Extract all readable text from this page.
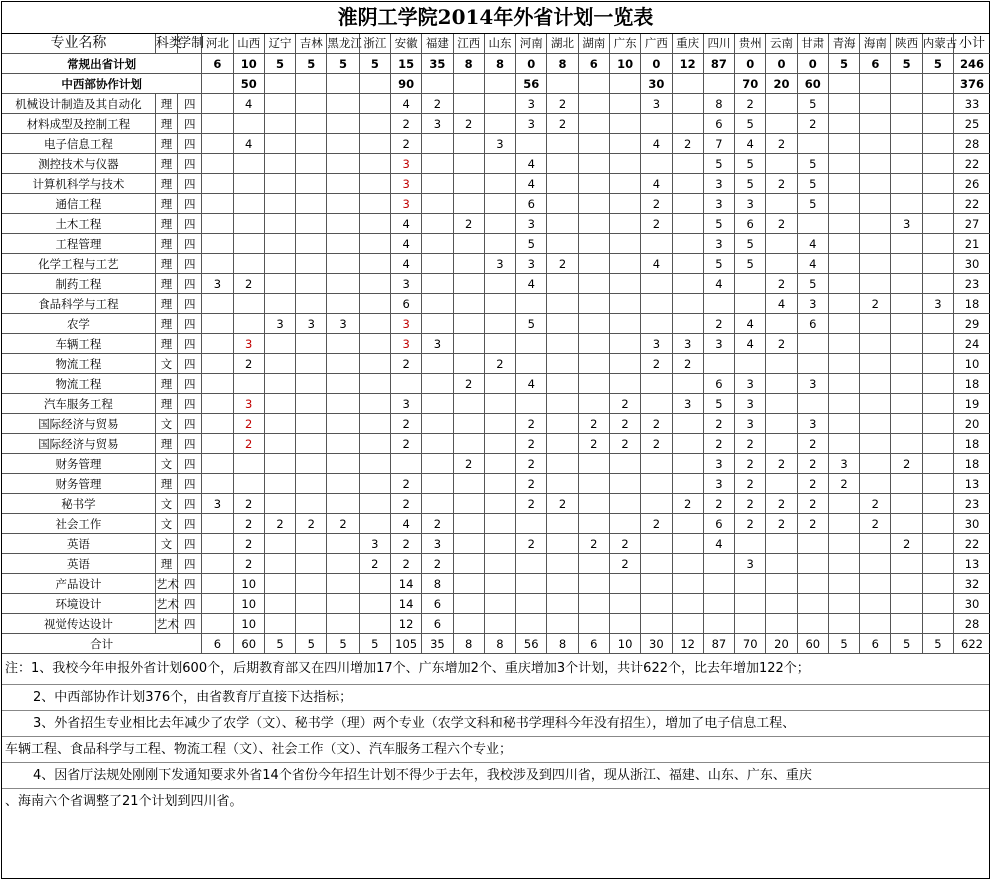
淮阴工学院2014年外省计划一览表
专业名称	科类	学制	河北	山西	辽宁	吉林	黑龙江	浙江	安徽	福建	江西	山东	河南	湖北	湖南	广东	广西	重庆	四川	贵州	云南	甘肃	青海	海南	陕西	内蒙古	小计
常规出省计划			6	10	5	5	5	5	15	35	8	8	0	8	6	10	0	12	87	0	0	0	5	6	5	5	246
中西部协作计划				50					90				56				30			70	20	60					376
机械设计制造及其自动化	理	四		4					4	2			3	2			3		8	2		5					33
材料成型及控制工程	理	四							2	3	2		3	2					6	5		2					25
电子信息工程	理	四		4					2			3					4	2	7	4	2						28
测控技术与仪器	理	四							3				4						5	5		5					22
计算机科学与技术	理	四							3				4				4		3	5	2	5					26
通信工程	理	四							3				6				2		3	3		5					22
土木工程	理	四							4		2		3				2		5	6	2				3		27
工程管理	理	四							4				5						3	5		4					21
化学工程与工艺	理	四							4			3	3	2			4		5	5		4					30
制药工程	理	四	3	2					3				4						4		2	5					23
食品科学与工程	理	四							6												4	3		2		3	18
农学	理	四			3	3	3		3				5						2	4		6					29
车辆工程	理	四		3					3	3							3	3	3	4	2						24
物流工程	文	四		2					2			2					2	2									10
物流工程	理	四									2		4						6	3		3					18
汽车服务工程	理	四		3					3							2		3	5	3							19
国际经济与贸易	文	四		2					2				2		2	2	2		2	3		3					20
国际经济与贸易	理	四		2					2				2		2	2	2		2	2		2					18
财务管理	文	四									2		2						3	2	2	2	3		2		18
财务管理	理	四							2				2						3	2		2	2				13
秘书学	文	四	3	2					2				2	2				2	2	2	2	2		2			23
社会工作	文	四		2	2	2	2		4	2							2		6	2	2	2		2			30
英语	文	四		2				3	2	3			2		2	2			4						2		22
英语	理	四		2				2	2	2						2				3							13
产品设计	艺术	四		10					14	8																	32
环境设计	艺术	四		10					14	6																	30
视觉传达设计	艺术	四		10					12	6																	28
合计			6	60	5	5	5	5	105	35	8	8	56	8	6	10	30	12	87	70	20	60	5	6	5	5	622
注：1、我校今年申报外省计划600个，后期教育部又在四川增加17个、广东增加2个、重庆增加3个计划，共计622个，比去年增加122个；
2、中西部协作计划376个，由省教育厅直接下达指标；
3、外省招生专业相比去年减少了农学（文）、秘书学（理）两个专业（农学文科和秘书学理科今年没有招生），增加了电子信息工程、
车辆工程、食品科学与工程、物流工程（文）、社会工作（文）、汽车服务工程六个专业；
4、因省厅法规处刚刚下发通知要求外省14个省份今年招生计划不得少于去年，我校涉及到四川省，现从浙江、福建、山东、广东、重庆
、海南六个省调整了21个计划到四川省。
